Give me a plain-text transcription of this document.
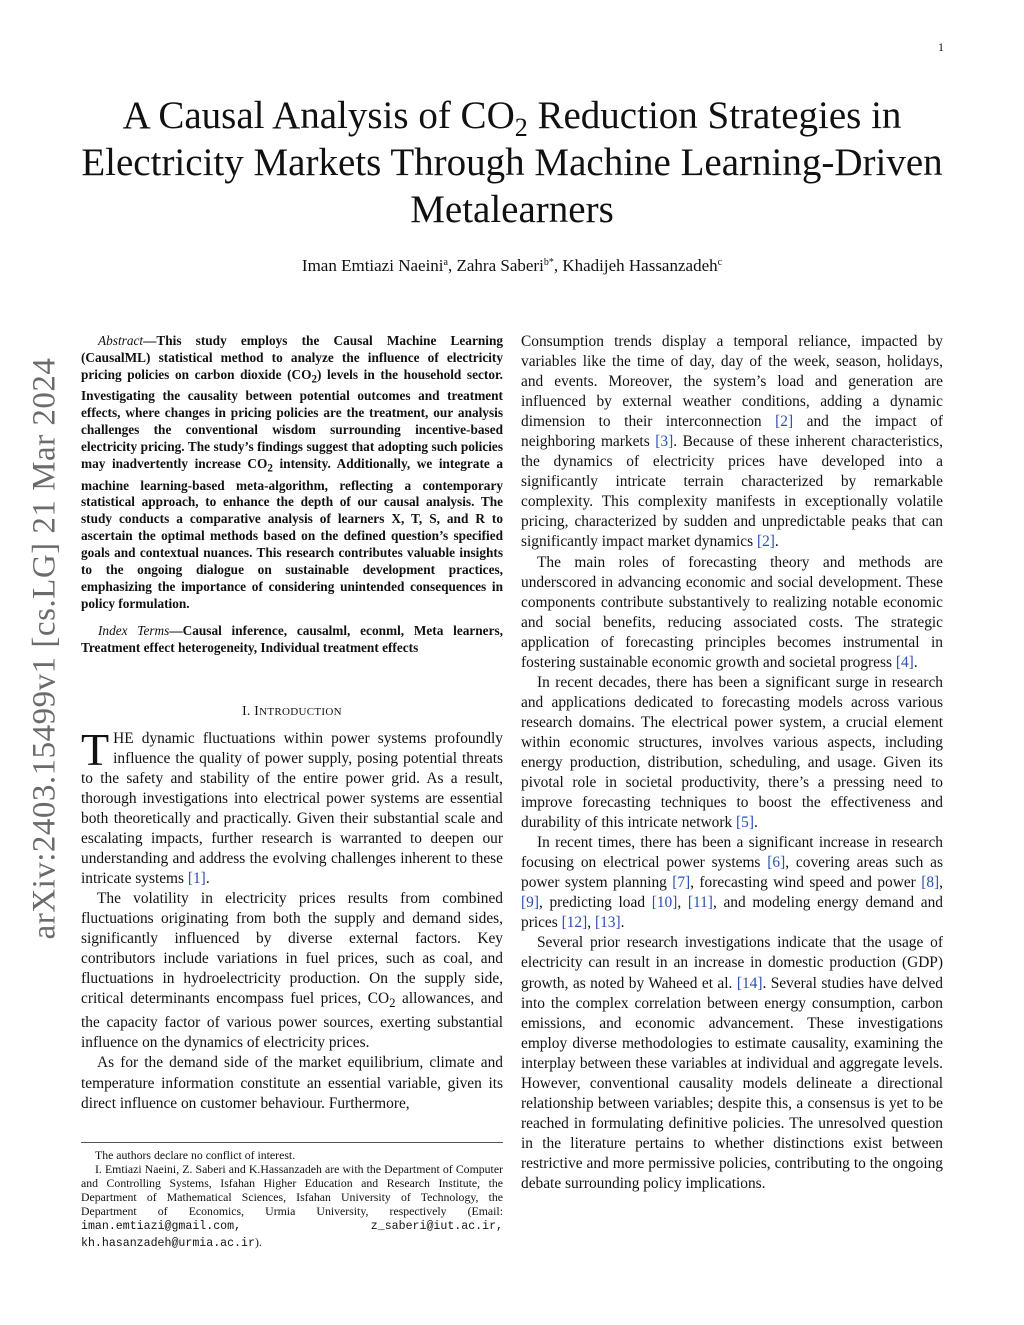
1
arXiv:2403.15499v1 [cs.LG] 21 Mar 2024
A Causal Analysis of $CO_2$ Reduction Strategies in Electricity Markets Through Machine Learning-Driven Metalearners
Iman Emtiazi Naeini$^a$, Zahra Saberi$^{b*}$, Khadijeh Hassanzadeh$^c$

Abstract—This study employs the Causal Machine Learning (CausalML) statistical method to analyze the influence of electricity pricing policies on carbon dioxide $(CO_2)$ levels in the household sector. Investigating the causality between potential outcomes and treatment effects, where changes in pricing policies are the treatment, our analysis challenges the conventional wisdom surrounding incentive-based electricity pricing. The study’s findings suggest that adopting such policies may inadvertently increase $CO_2$ intensity. Additionally, we integrate a machine learning-based meta-algorithm, reflecting a contemporary statistical approach, to enhance the depth of our causal analysis. The study conducts a comparative analysis of learners X, T, S, and R to ascertain the optimal methods based on the defined question’s specified goals and contextual nuances. This research contributes valuable insights to the ongoing dialogue on sustainable development practices, emphasizing the importance of considering unintended consequences in policy formulation.

Index Terms—Causal inference, causalml, econml, Meta learners, Treatment effect heterogeneity, Individual treatment effects

I. INTRODUCTION

THE dynamic fluctuations within power systems profoundly influence the quality of power supply, posing potential threats to the safety and stability of the entire power grid. As a result, thorough investigations into electrical power systems are essential both theoretically and practically. Given their substantial scale and escalating impacts, further research is warranted to deepen our understanding and address the evolving challenges inherent to these intricate systems [1].

The volatility in electricity prices results from combined fluctuations originating from both the supply and demand sides, significantly influenced by diverse external factors. Key contributors include variations in fuel prices, such as coal, and fluctuations in hydroelectricity production. On the supply side, critical determinants encompass fuel prices, $CO_2$ allowances, and the capacity factor of various power sources, exerting substantial influence on the dynamics of electricity prices.

As for the demand side of the market equilibrium, climate and temperature information constitute an essential variable, given its direct influence on customer behaviour. Furthermore,

The authors declare no conflict of interest.

I. Emtiazi Naeini, Z. Saberi and K.Hassanzadeh are with the Department of Computer and Controlling Systems, Isfahan Higher Education and Research Institute, the Department of Mathematical Sciences, Isfahan University of Technology, the Department of Economics, Urmia University, respectively (Email: iman.emtiazi@gmail.com, z_saberi@iut.ac.ir, kh.hasanzadeh@urmia.ac.ir).

Consumption trends display a temporal reliance, impacted by variables like the time of day, day of the week, season, holidays, and events. Moreover, the system’s load and generation are influenced by external weather conditions, adding a dynamic dimension to their interconnection [2] and the impact of neighboring markets [3]. Because of these inherent characteristics, the dynamics of electricity prices have developed into a significantly intricate terrain characterized by remarkable complexity. This complexity manifests in exceptionally volatile pricing, characterized by sudden and unpredictable peaks that can significantly impact market dynamics [2].

The main roles of forecasting theory and methods are underscored in advancing economic and social development. These components contribute substantively to realizing notable economic and social benefits, reducing associated costs. The strategic application of forecasting principles becomes instrumental in fostering sustainable economic growth and societal progress [4].

In recent decades, there has been a significant surge in research and applications dedicated to forecasting models across various research domains. The electrical power system, a crucial element within economic structures, involves various aspects, including energy production, distribution, scheduling, and usage. Given its pivotal role in societal productivity, there’s a pressing need to improve forecasting techniques to boost the effectiveness and durability of this intricate network [5].

In recent times, there has been a significant increase in research focusing on electrical power systems [6], covering areas such as power system planning [7], forecasting wind speed and power [8], [9], predicting load [10], [11], and modeling energy demand and prices [12], [13].

Several prior research investigations indicate that the usage of electricity can result in an increase in domestic production (GDP) growth, as noted by Waheed et al. [14]. Several studies have delved into the complex correlation between energy consumption, carbon emissions, and economic advancement. These investigations employ diverse methodologies to estimate causality, examining the interplay between these variables at individual and aggregate levels. However, conventional causality models delineate a directional relationship between variables; despite this, a consensus is yet to be reached in formulating definitive policies. The unresolved question in the literature pertains to whether distinctions exist between restrictive and more permissive policies, contributing to the ongoing debate surrounding policy implications.
